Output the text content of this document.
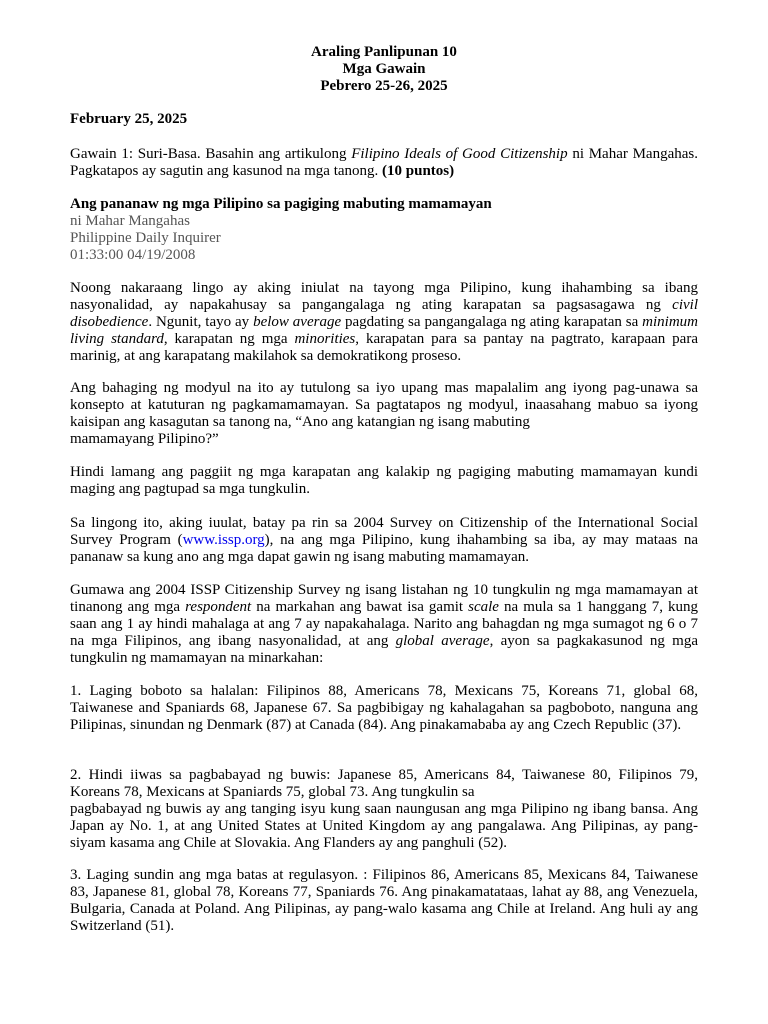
Araling Panlipunan 10
Mga Gawain
Pebrero 25-26, 2025

February 25, 2025

Gawain 1: Suri-Basa. Basahin ang artikulong Filipino Ideals of Good Citizenship ni Mahar Mangahas. Pagkatapos ay sagutin ang kasunod na mga tanong. (10 puntos)

Ang pananaw ng mga Pilipino sa pagiging mabuting mamamayan
ni Mahar Mangahas
Philippine Daily Inquirer
01:33:00 04/19/2008

Noong nakaraang lingo ay aking iniulat na tayong mga Pilipino, kung ihahambing sa ibang nasyonalidad, ay napakahusay sa pangangalaga ng ating karapatan sa pagsasagawa ng civil disobedience. Ngunit, tayo ay below average pagdating sa pangangalaga ng ating karapatan sa minimum living standard, karapatan ng mga minorities, karapatan para sa pantay na pagtrato, karapaan para marinig, at ang karapatang makilahok sa demokratikong proseso.

Ang bahaging ng modyul na ito ay tutulong sa iyo upang mas mapalalim ang iyong pag-unawa sa konsepto at katuturan ng pagkamamamayan. Sa pagtatapos ng modyul, inaasahang mabuo sa iyong kaisipan ang kasagutan sa tanong na, “Ano ang katangian ng isang mabuting
mamamayang Pilipino?”

Hindi lamang ang paggiit ng mga karapatan ang kalakip ng pagiging mabuting mamamayan kundi maging ang pagtupad sa mga tungkulin.

Sa lingong ito, aking iuulat, batay pa rin sa 2004 Survey on Citizenship of the International Social Survey Program (www.issp.org), na ang mga Pilipino, kung ihahambing sa iba, ay may mataas na pananaw sa kung ano ang mga dapat gawin ng isang mabuting mamamayan.

Gumawa ang 2004 ISSP Citizenship Survey ng isang listahan ng 10 tungkulin ng mga mamamayan at tinanong ang mga respondent na markahan ang bawat isa gamit scale na mula sa 1 hanggang 7, kung saan ang 1 ay hindi mahalaga at ang 7 ay napakahalaga. Narito ang bahagdan ng mga sumagot ng 6 o 7 na mga Filipinos, ang ibang nasyonalidad, at ang global average, ayon sa pagkakasunod ng mga tungkulin ng mamamayan na minarkahan:

1. Laging boboto sa halalan: Filipinos 88, Americans 78, Mexicans 75, Koreans 71, global 68, Taiwanese and Spaniards 68, Japanese 67. Sa pagbibigay ng kahalagahan sa pagboboto, nanguna ang Pilipinas, sinundan ng Denmark (87) at Canada (84). Ang pinakamababa ay ang Czech Republic (37).

2. Hindi iiwas sa pagbabayad ng buwis: Japanese 85, Americans 84, Taiwanese 80, Filipinos 79, Koreans 78, Mexicans at Spaniards 75, global 73. Ang tungkulin sa
pagbabayad ng buwis ay ang tanging isyu kung saan naungusan ang mga Pilipino ng ibang bansa. Ang Japan ay No. 1, at ang United States at United Kingdom ay ang pangalawa. Ang Pilipinas, ay pang-siyam kasama ang Chile at Slovakia. Ang Flanders ay ang panghuli (52).

3. Laging sundin ang mga batas at regulasyon. : Filipinos 86, Americans 85, Mexicans 84, Taiwanese 83, Japanese 81, global 78, Koreans 77, Spaniards 76. Ang pinakamatataas, lahat ay 88, ang Venezuela, Bulgaria, Canada at Poland. Ang Pilipinas, ay pang-walo kasama ang Chile at Ireland. Ang huli ay ang Switzerland (51).
